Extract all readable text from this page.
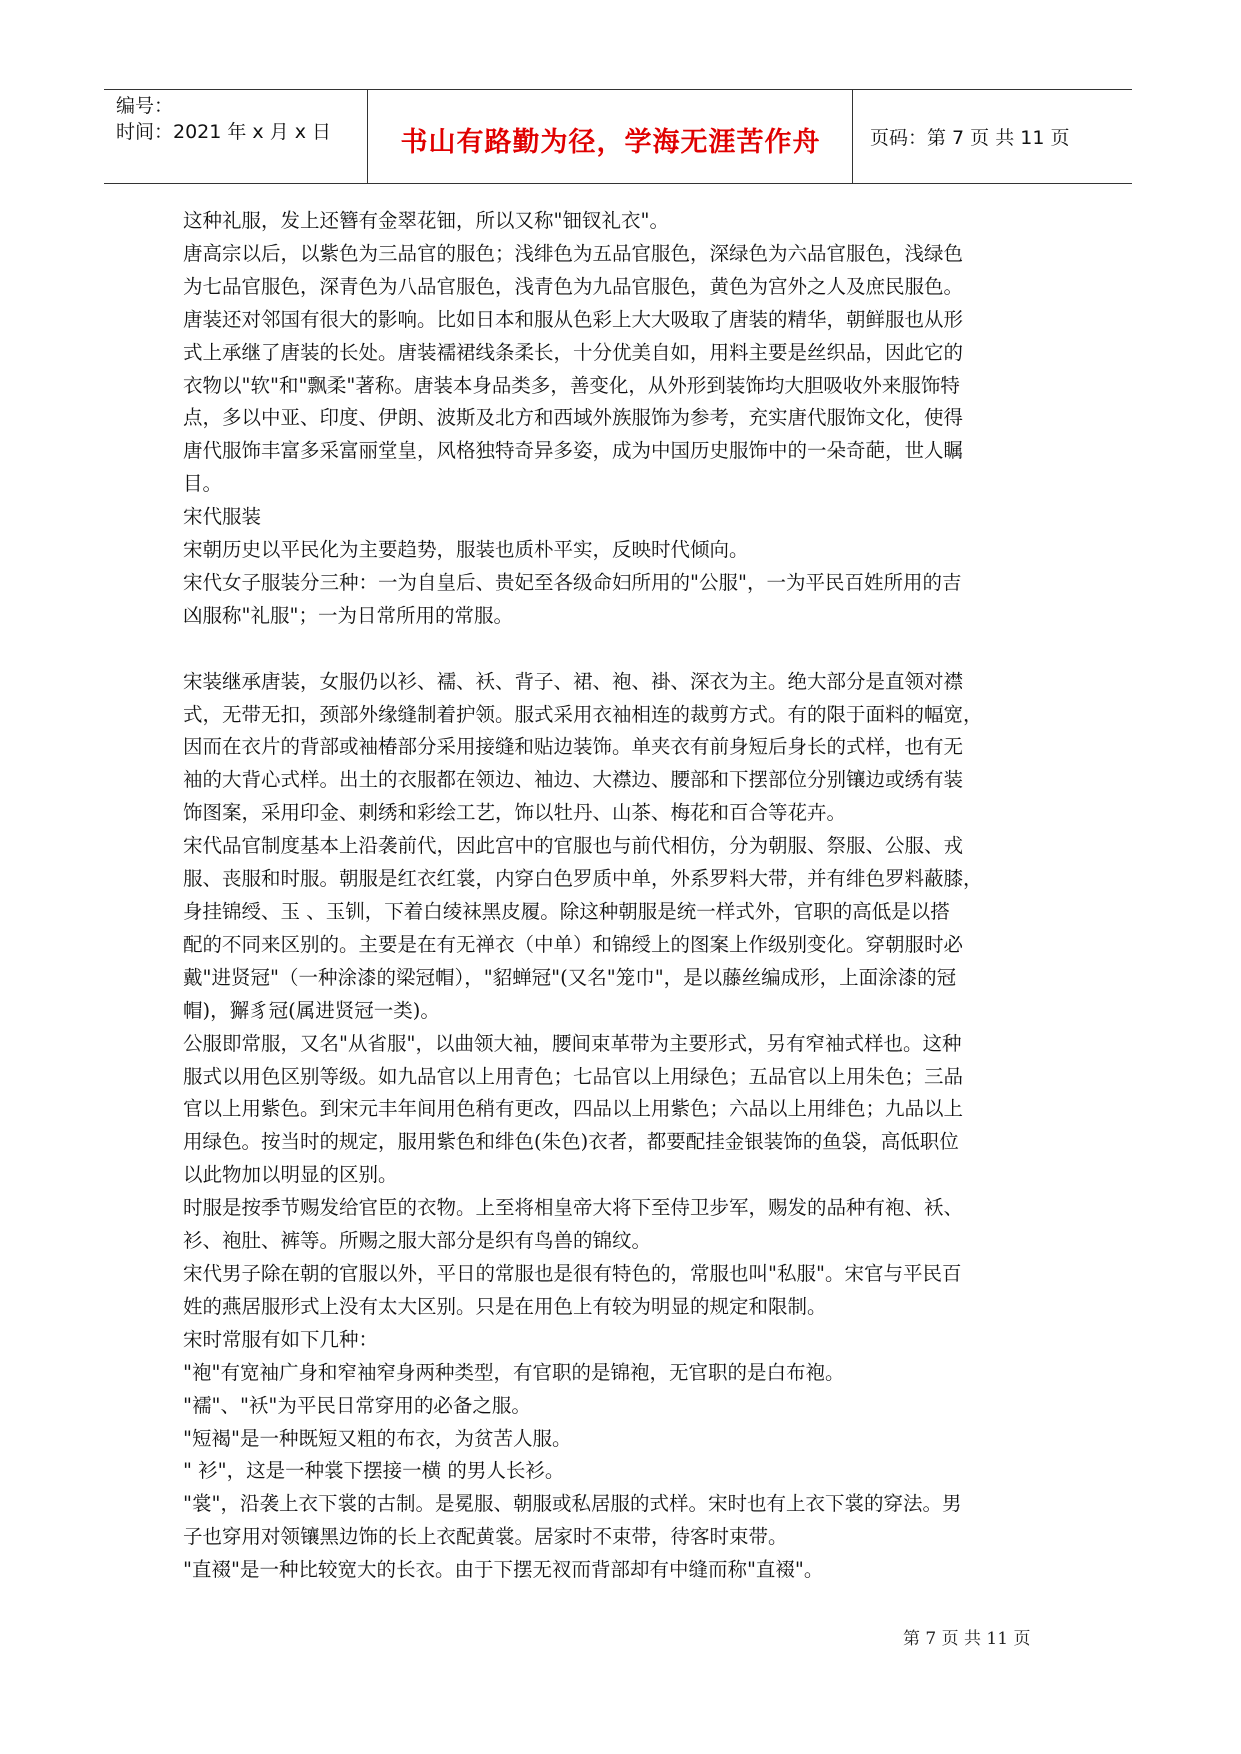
编号：
时间：2021 年 x 月 x 日	书山有路勤为径，学海无涯苦作舟	页码：第 7 页 共 11 页

这种礼服，发上还簪有金翠花钿，所以又称"钿钗礼衣"。

唐高宗以后，以紫色为三品官的服色；浅绯色为五品官服色，深绿色为六品官服色，浅绿色

为七品官服色，深青色为八品官服色，浅青色为九品官服色，黄色为宫外之人及庶民服色。

唐装还对邻国有很大的影响。比如日本和服从色彩上大大吸取了唐装的精华，朝鲜服也从形

式上承继了唐装的长处。唐装襦裙线条柔长，十分优美自如，用料主要是丝织品，因此它的

衣物以"软"和"飘柔"著称。唐装本身品类多，善变化，从外形到装饰均大胆吸收外来服饰特

点，多以中亚、印度、伊朗、波斯及北方和西域外族服饰为参考，充实唐代服饰文化，使得

唐代服饰丰富多采富丽堂皇，风格独特奇异多姿，成为中国历史服饰中的一朵奇葩，世人瞩

目。

宋代服装

宋朝历史以平民化为主要趋势，服装也质朴平实，反映时代倾向。

宋代女子服装分三种：一为自皇后、贵妃至各级命妇所用的"公服"，一为平民百姓所用的吉

凶服称"礼服"；一为日常所用的常服。

宋装继承唐装，女服仍以衫、襦、袄、背子、裙、袍、褂、深衣为主。绝大部分是直领对襟

式，无带无扣，颈部外缘缝制着护领。服式采用衣袖相连的裁剪方式。有的限于面料的幅宽，

因而在衣片的背部或袖椿部分采用接缝和贴边装饰。单夹衣有前身短后身长的式样，也有无

袖的大背心式样。出土的衣服都在领边、袖边、大襟边、腰部和下摆部位分别镶边或绣有装

饰图案，采用印金、刺绣和彩绘工艺，饰以牡丹、山茶、梅花和百合等花卉。

宋代品官制度基本上沿袭前代，因此宫中的官服也与前代相仿，分为朝服、祭服、公服、戎

服、丧服和时服。朝服是红衣红裳，内穿白色罗质中单，外系罗料大带，并有绯色罗料蔽膝，

身挂锦绶、玉 、玉钏，下着白绫袜黑皮履。除这种朝服是统一样式外，官职的高低是以搭

配的不同来区别的。主要是在有无禅衣（中单）和锦绶上的图案上作级别变化。穿朝服时必

戴"进贤冠"（一种涂漆的梁冠帽），"貂蝉冠"(又名"笼巾"，是以藤丝编成形，上面涂漆的冠

帽)，獬豸冠(属进贤冠一类)。

公服即常服，又名"从省服"，以曲领大袖，腰间束革带为主要形式，另有窄袖式样也。这种

服式以用色区别等级。如九品官以上用青色；七品官以上用绿色；五品官以上用朱色；三品

官以上用紫色。到宋元丰年间用色稍有更改，四品以上用紫色；六品以上用绯色；九品以上

用绿色。按当时的规定，服用紫色和绯色(朱色)衣者，都要配挂金银装饰的鱼袋，高低职位

以此物加以明显的区别。

时服是按季节赐发给官臣的衣物。上至将相皇帝大将下至侍卫步军，赐发的品种有袍、袄、

衫、袍肚、裤等。所赐之服大部分是织有鸟兽的锦纹。

宋代男子除在朝的官服以外，平日的常服也是很有特色的，常服也叫"私服"。宋官与平民百

姓的燕居服形式上没有太大区别。只是在用色上有较为明显的规定和限制。

宋时常服有如下几种：

"袍"有宽袖广身和窄袖窄身两种类型，有官职的是锦袍，无官职的是白布袍。

"襦"、"袄"为平民日常穿用的必备之服。

"短褐"是一种既短又粗的布衣，为贫苦人服。

" 衫"，这是一种裳下摆接一横 的男人长衫。

"裳"，沿袭上衣下裳的古制。是冕服、朝服或私居服的式样。宋时也有上衣下裳的穿法。男

子也穿用对领镶黑边饰的长上衣配黄裳。居家时不束带，待客时束带。

"直裰"是一种比较宽大的长衣。由于下摆无衩而背部却有中缝而称"直裰"。

第 7 页 共 11 页
